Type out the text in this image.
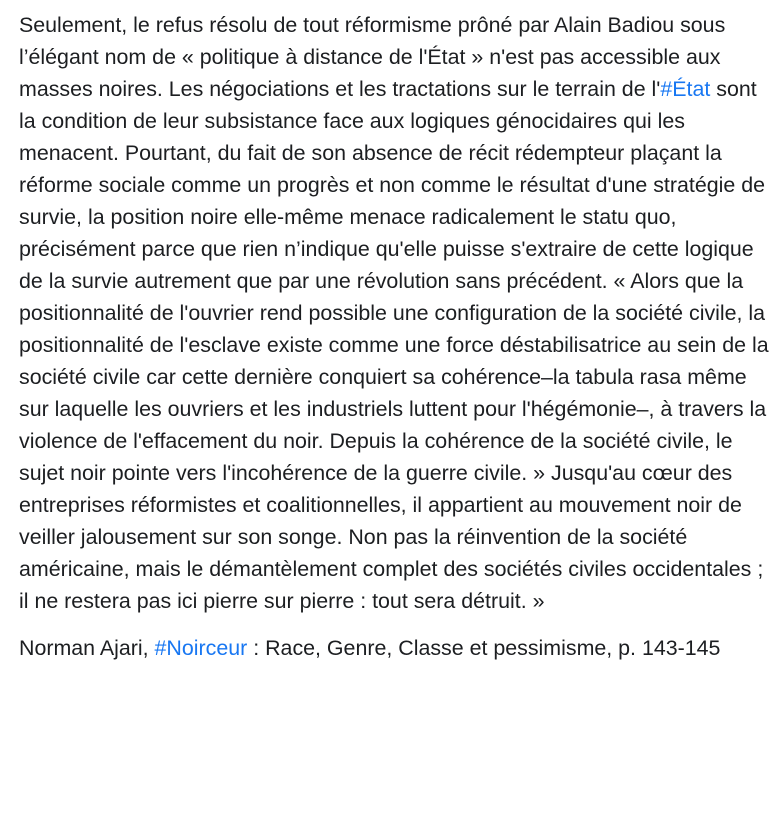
Seulement, le refus résolu de tout réformisme prôné par Alain Badiou sous l’élégant nom de « politique à distance de l'État » n'est pas accessible aux masses noires. Les négociations et les tractations sur le terrain de l'#État sont la condition de leur subsistance face aux logiques génocidaires qui les menacent. Pourtant, du fait de son absence de récit rédempteur plaçant la réforme sociale comme un progrès et non comme le résultat d'une stratégie de survie, la position noire elle-même menace radicalement le statu quo, précisément parce que rien n’indique qu'elle puisse s'extraire de cette logique de la survie autrement que par une révolution sans précédent. « Alors que la positionnalité de l'ouvrier rend possible une configuration de la société civile, la positionnalité de l'esclave existe comme une force déstabilisatrice au sein de la société civile car cette dernière conquiert sa cohérence–la tabula rasa même sur laquelle les ouvriers et les industriels luttent pour l'hégémonie–, à travers la violence de l'effacement du noir. Depuis la cohérence de la société civile, le sujet noir pointe vers l'incohérence de la guerre civile. » Jusqu'au cœur des entreprises réformistes et coalitionnelles, il appartient au mouvement noir de veiller jalousement sur son songe. Non pas la réinvention de la société américaine, mais le démantèlement complet des sociétés civiles occidentales ; il ne restera pas ici pierre sur pierre : tout sera détruit. »

Norman Ajari, #Noirceur : Race, Genre, Classe et pessimisme, p. 143-145
